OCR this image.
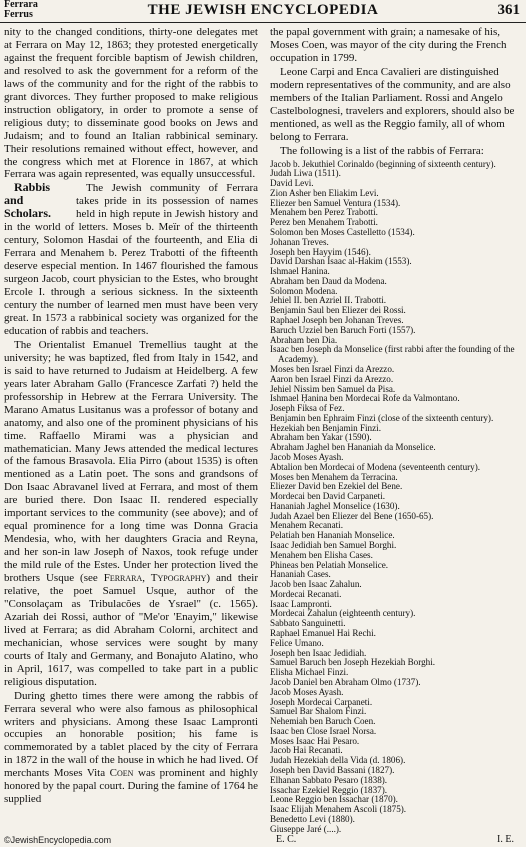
Ferrara
Ferrus	THE JEWISH ENCYCLOPEDIA	361

nity to the changed conditions, thirty-one delegates met at Ferrara on May 12, 1863; they protested energetically against the frequent forcible baptism of Jewish children, and resolved to ask the government for a reform of the laws of the community and for the right of the rabbis to grant divorces. They further proposed to make religious instruction obligatory, in order to promote a sense of religious duty; to disseminate good books on Jews and Judaism; and to found an Italian rabbinical seminary. Their resolutions remained without effect, however, and the congress which met at Florence in 1867, at which Ferrara was again represented, was equally unsuccessful.

Rabbis and Scholars.
The Jewish community of Ferrara takes pride in its possession of names held in high repute in Jewish history and in the world of letters. Moses b. Meïr of the thirteenth century, Solomon Hasdai of the fourteenth, and Elia di Ferrara and Menahem b. Perez Trabotti of the fifteenth deserve especial mention. In 1467 flourished the famous surgeon Jacob, court physician to the Estes, who brought Ercole I. through a serious sickness. In the sixteenth century the number of learned men must have been very great. In 1573 a rabbinical society was organized for the education of rabbis and teachers.

The Orientalist Emanuel Tremellius taught at the university; he was baptized, fled from Italy in 1542, and is said to have returned to Judaism at Heidelberg. A few years later Abraham Gallo (Francesce Zarfati ?) held the professorship in Hebrew at the Ferrara University. The Marano Amatus Lusitanus was a professor of botany and anatomy, and also one of the prominent physicians of his time. Raffaello Mirami was a physician and mathematician. Many Jews attended the medical lectures of the famous Brasavola. Elia Pirro (about 1535) is often mentioned as a Latin poet. The sons and grandsons of Don Isaac Abravanel lived at Ferrara, and most of them are buried there. Don Isaac II. rendered especially important services to the community (see above); and of equal prominence for a long time was Donna Gracia Mendesia, who, with her daughters Gracia and Reyna, and her son-in law Joseph of Naxos, took refuge under the mild rule of the Estes. Under her protection lived the brothers Usque (see Ferrara, Typography) and their relative, the poet Samuel Usque, author of the "Consolaçam as Tribulacões de Ysrael" (c. 1565). Azariah dei Rossi, author of "Me'or 'Enayim," likewise lived at Ferrara; as did Abraham Colorni, architect and mechanician, whose services were sought by many courts of Italy and Germany, and Bonajuto Alatino, who in April, 1617, was compelled to take part in a public religious disputation.

During ghetto times there were among the rabbis of Ferrara several who were also famous as philosophical writers and physicians. Among these Isaac Lampronti occupies an honorable position; his fame is commemorated by a tablet placed by the city of Ferrara in 1872 in the wall of the house in which he had lived. Of merchants Moses Vita Coen was prominent and highly honored by the papal court. During the famine of 1764 he supplied

the papal government with grain; a namesake of his, Moses Coen, was mayor of the city during the French occupation in 1799.

Leone Carpi and Enca Cavalieri are distinguished modern representatives of the community, and are also members of the Italian Parliament. Rossi and Angelo Castelbolognesi, travelers and explorers, should also be mentioned, as well as the Reggio family, all of whom belong to Ferrara.

The following is a list of the rabbis of Ferrara:

Jacob b. Jekuthiel Corinaldo (beginning of sixteenth century).
Judah Liwa (1511).
David Levi.
Zion Asher ben Eliakim Levi.
Eliezer ben Samuel Ventura (1534).
Menahem ben Perez Trabotti.
Perez ben Menahem Trabotti.
Solomon ben Moses Castelletto (1534).
Johanan Treves.
Joseph ben Hayyim (1546).
David Darshan Isaac al-Hakim (1553).
Ishmael Hanina.
Abraham ben Daud da Modena.
Solomon Modena.
Jehiel II. ben Azriel II. Trabotti.
Benjamin Saul ben Eliezer dei Rossi.
Raphael Joseph ben Johanan Treves.
Baruch Uzziel ben Baruch Forti (1557).
Abraham ben Dia.
Isaac ben Joseph da Monselice (first rabbi after the founding of the Academy).
Moses ben Israel Finzi da Arezzo.
Aaron ben Israel Finzi da Arezzo.
Jehiel Nissim ben Samuel da Pisa.
Ishmael Ḥanina ben Mordecai Rofe da Valmontano.
Joseph Fiksa of Fez.
Benjamin ben Ephraim Finzi (close of the sixteenth century).
Hezekiah ben Benjamin Finzi.
Abraham ben Yakar (1590).
Abraham Jaghel ben Hananiah da Monselice.
Jacob Moses Ayash.
Abtalion ben Mordecai of Modena (seventeenth century).
Moses ben Menahem da Terracina.
Eliezer David ben Ezekiel del Bene.
Mordecai ben David Carpaneti.
Hananiah Jaghel Monselice (1630).
Judah Azael ben Eliezer del Bene (1650-65).
Menahem Recanati.
Pelatiah ben Hananiah Monselice.
Isaac Jedidiah ben Samuel Borghi.
Menahem ben Elisha Cases.
Phineas ben Pelatiah Monselice.
Hananiah Cases.
Jacob ben Isaac Zahalun.
Mordecai Recanati.
Isaac Lampronti.
Mordecai Zahalun (eighteenth century).
Sabbato Sanguinetti.
Raphael Emanuel Hai Rechi.
Felice Umano.
Joseph ben Isaac Jedidiah.
Samuel Baruch ben Joseph Hezekiah Borghi.
Elisha Michael Finzi.
Jacob Daniel ben Abraham Olmo (1737).
Jacob Moses Ayash.
Joseph Mordecai Carpaneti.
Samuel Bar Shalom Finzi.
Nehemiah ben Baruch Coen.
Isaac ben Close Israel Norsa.
Moses Isaac Hai Pesaro.
Jacob Hai Recanati.
Judah Hezekiah della Vida (d. 1806).
Joseph ben David Bassani (1827).
Elhanan Sabbato Pesaro (1838).
Issachar Ezekiel Reggio (1837).
Leone Reggio ben Issachar (1870).
Isaac Elijah Menahem Ascoli (1875).
Benedetto Levi (1880).
Giuseppe Jaré (....).
E. C.	I. E.
©JewishEncyclopedia.com
